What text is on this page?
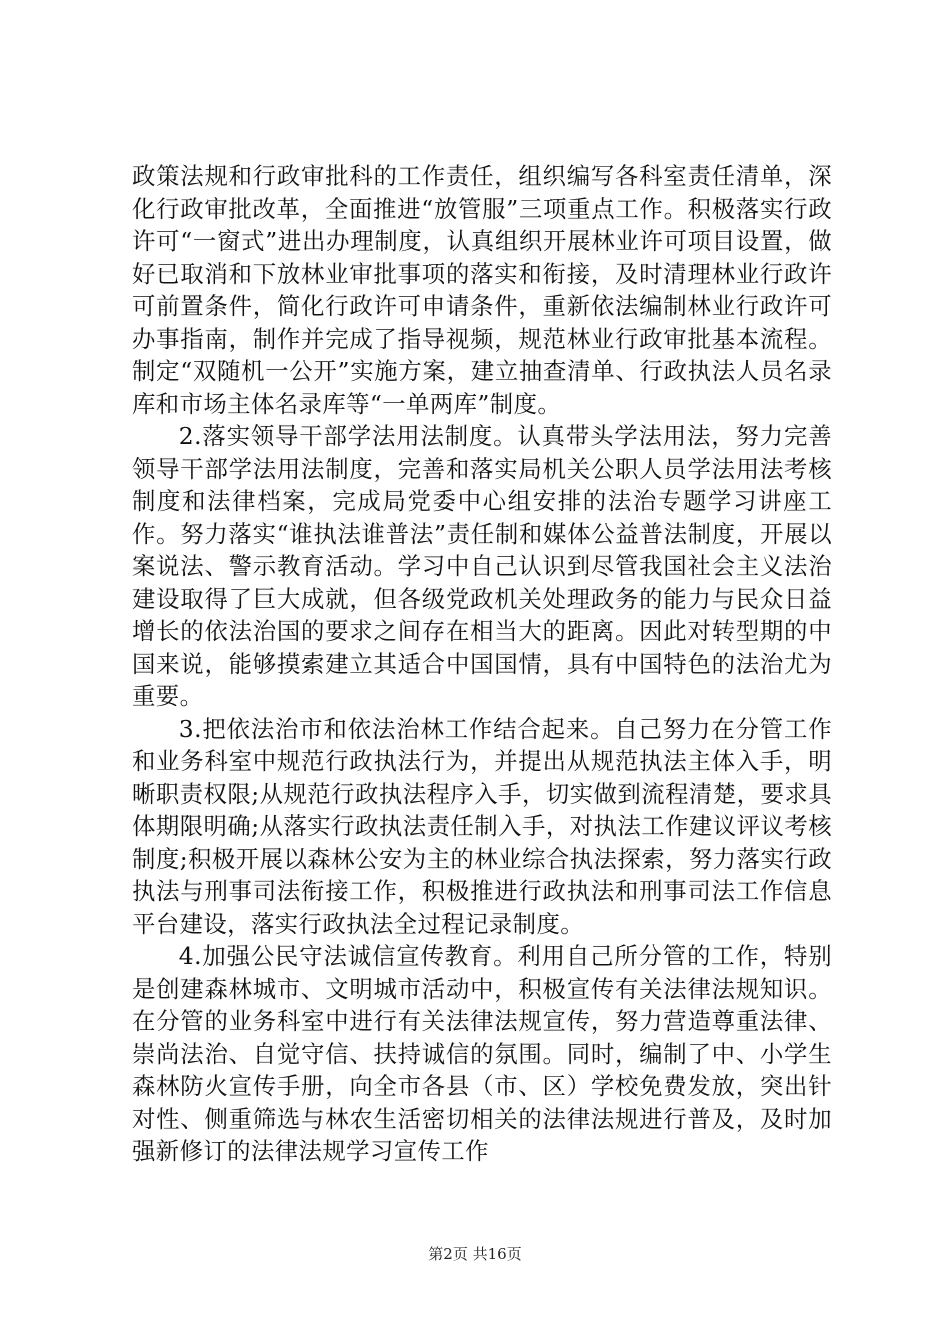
政策法规和行政审批科的工作责任，组织编写各科室责任清单，深化行政审批改革，全面推进“放管服”三项重点工作。积极落实行政许可“一窗式”进出办理制度，认真组织开展林业许可项目设置，做好已取消和下放林业审批事项的落实和衔接，及时清理林业行政许可前置条件，简化行政许可申请条件，重新依法编制林业行政许可办事指南，制作并完成了指导视频，规范林业行政审批基本流程。制定“双随机一公开”实施方案，建立抽查清单、行政执法人员名录库和市场主体名录库等“一单两库”制度。

2.落实领导干部学法用法制度。认真带头学法用法，努力完善领导干部学法用法制度，完善和落实局机关公职人员学法用法考核制度和法律档案，完成局党委中心组安排的法治专题学习讲座工作。努力落实“谁执法谁普法”责任制和媒体公益普法制度，开展以案说法、警示教育活动。学习中自己认识到尽管我国社会主义法治建设取得了巨大成就，但各级党政机关处理政务的能力与民众日益增长的依法治国的要求之间存在相当大的距离。因此对转型期的中国来说，能够摸索建立其适合中国国情，具有中国特色的法治尤为重要。

3.把依法治市和依法治林工作结合起来。自己努力在分管工作和业务科室中规范行政执法行为，并提出从规范执法主体入手，明晰职责权限;从规范行政执法程序入手，切实做到流程清楚，要求具体期限明确;从落实行政执法责任制入手，对执法工作建议评议考核制度;积极开展以森林公安为主的林业综合执法探索，努力落实行政执法与刑事司法衔接工作，积极推进行政执法和刑事司法工作信息平台建设，落实行政执法全过程记录制度。

4.加强公民守法诚信宣传教育。利用自己所分管的工作，特别是创建森林城市、文明城市活动中，积极宣传有关法律法规知识。在分管的业务科室中进行有关法律法规宣传，努力营造尊重法律、崇尚法治、自觉守信、扶持诚信的氛围。同时，编制了中、小学生森林防火宣传手册，向全市各县（市、区）学校免费发放，突出针对性、侧重筛选与林农生活密切相关的法律法规进行普及，及时加强新修订的法律法规学习宣传工作

第2页 共16页
